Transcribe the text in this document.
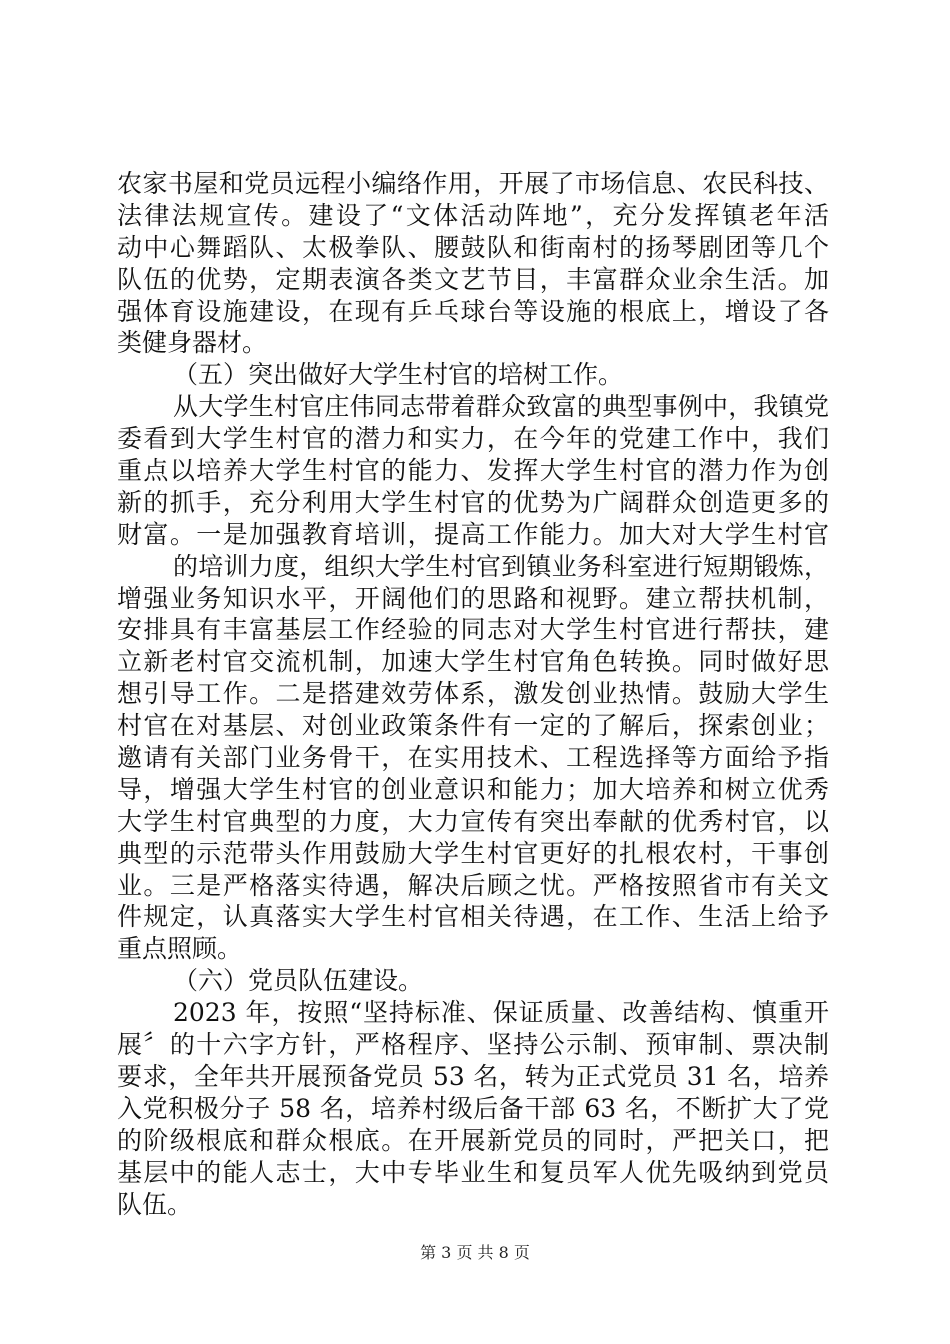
农家书屋和党员远程小编络作用，开展了市场信息、农民科技、
法律法规宣传。建设了“文体活动阵地”，充分发挥镇老年活
动中心舞蹈队、太极拳队、腰鼓队和街南村的扬琴剧团等几个
队伍的优势，定期表演各类文艺节目，丰富群众业余生活。加
强体育设施建设，在现有乒乓球台等设施的根底上，增设了各
类健身器材。
（五）突出做好大学生村官的培树工作。
从大学生村官庄伟同志带着群众致富的典型事例中，我镇党
委看到大学生村官的潜力和实力，在今年的党建工作中，我们
重点以培养大学生村官的能力、发挥大学生村官的潜力作为创
新的抓手，充分利用大学生村官的优势为广阔群众创造更多的
财富。一是加强教育培训，提高工作能力。加大对大学生村官
的培训力度，组织大学生村官到镇业务科室进行短期锻炼，
增强业务知识水平，开阔他们的思路和视野。建立帮扶机制，
安排具有丰富基层工作经验的同志对大学生村官进行帮扶，建
立新老村官交流机制，加速大学生村官角色转换。同时做好思
想引导工作。二是搭建效劳体系，激发创业热情。鼓励大学生
村官在对基层、对创业政策条件有一定的了解后，探索创业；
邀请有关部门业务骨干，在实用技术、工程选择等方面给予指
导，增强大学生村官的创业意识和能力；加大培养和树立优秀
大学生村官典型的力度，大力宣传有突出奉献的优秀村官，以
典型的示范带头作用鼓励大学生村官更好的扎根农村，干事创
业。三是严格落实待遇，解决后顾之忧。严格按照省市有关文
件规定，认真落实大学生村官相关待遇，在工作、生活上给予
重点照顾。
（六）党员队伍建设。
2023 年，按照“坚持标准、保证质量、改善结构、慎重开
展〞的十六字方针，严格程序、坚持公示制、预审制、票决制
要求，全年共开展预备党员 53 名，转为正式党员 31 名，培养
入党积极分子 58 名，培养村级后备干部 63 名，不断扩大了党
的阶级根底和群众根底。在开展新党员的同时，严把关口，把
基层中的能人志士，大中专毕业生和复员军人优先吸纳到党员
队伍。
第 3 页 共 8 页
